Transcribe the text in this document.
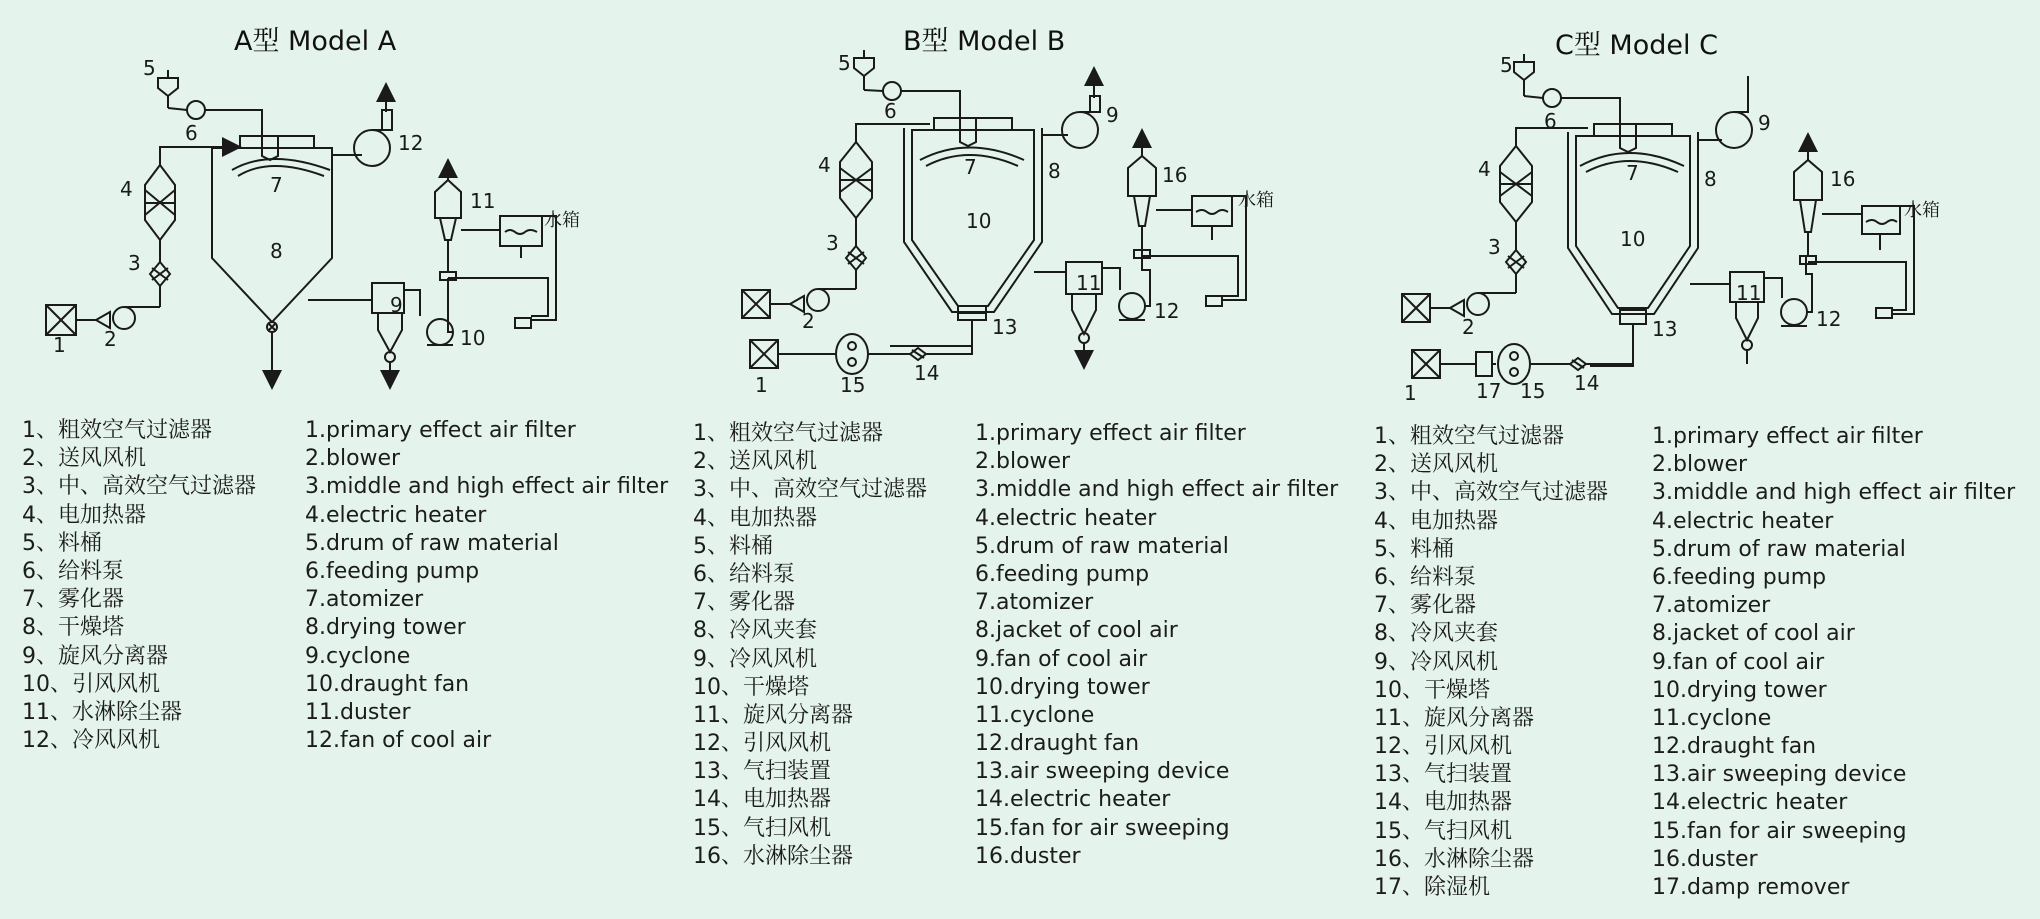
1 2
3
4
5
6
7
8
9
10
11
12
水箱
1
2
3
4
5
6
7	8
9
10
11
12
13
14
15
16
水箱
1
2
3
4
5
6
7	8
9
10
11
12
13
14
15
16
17
水箱
A型 Model A	B型 Model B	C型 Model C
1、粗效空气过滤器	1.primary effect air filter
2、送风风机	2.blower
3、中、高效空气过滤器 3.middle and high effect air filter
4、电加热器	4.electric heater
5、料桶	5.drum of raw material
6、给料泵	6.feeding pump
7、雾化器	7.atomizer
8、干燥塔	8.drying tower
9、旋风分离器	9.cyclone
10、引风风机	10.draught fan
11、水淋除尘器	11.duster
12、冷风风机	12.fan of cool air
1、粗效空气过滤器	1.primary effect air filter
2、送风风机	2.blower
3、中、高效空气过滤器 3.middle and high effect air filter
4、电加热器	4.electric heater
5、料桶	5.drum of raw material
6、给料泵	6.feeding pump
7、雾化器	7.atomizer
8、冷风夹套	8.jacket of cool air
9、冷风风机	9.fan of cool air
10、干燥塔	10.drying tower
11、旋风分离器	11.cyclone
12、引风风机	12.draught fan
13、气扫装置	13.air sweeping device
14、电加热器	14.electric heater
15、气扫风机	15.fan for air sweeping
16、水淋除尘器	16.duster
1、粗效空气过滤器	1.primary effect air filter
2、送风风机	2.blower
3、中、高效空气过滤器 3.middle and high effect air filter
4、电加热器	4.electric heater
5、料桶	5.drum of raw material
6、给料泵	6.feeding pump
7、雾化器	7.atomizer
8、冷风夹套	8.jacket of cool air
9、冷风风机	9.fan of cool air
10、干燥塔	10.drying tower
11、旋风分离器	11.cyclone
12、引风风机	12.draught fan
13、气扫装置	13.air sweeping device
14、电加热器	14.electric heater
15、气扫风机	15.fan for air sweeping
16、水淋除尘器	16.duster
17、除湿机	17.damp remover
